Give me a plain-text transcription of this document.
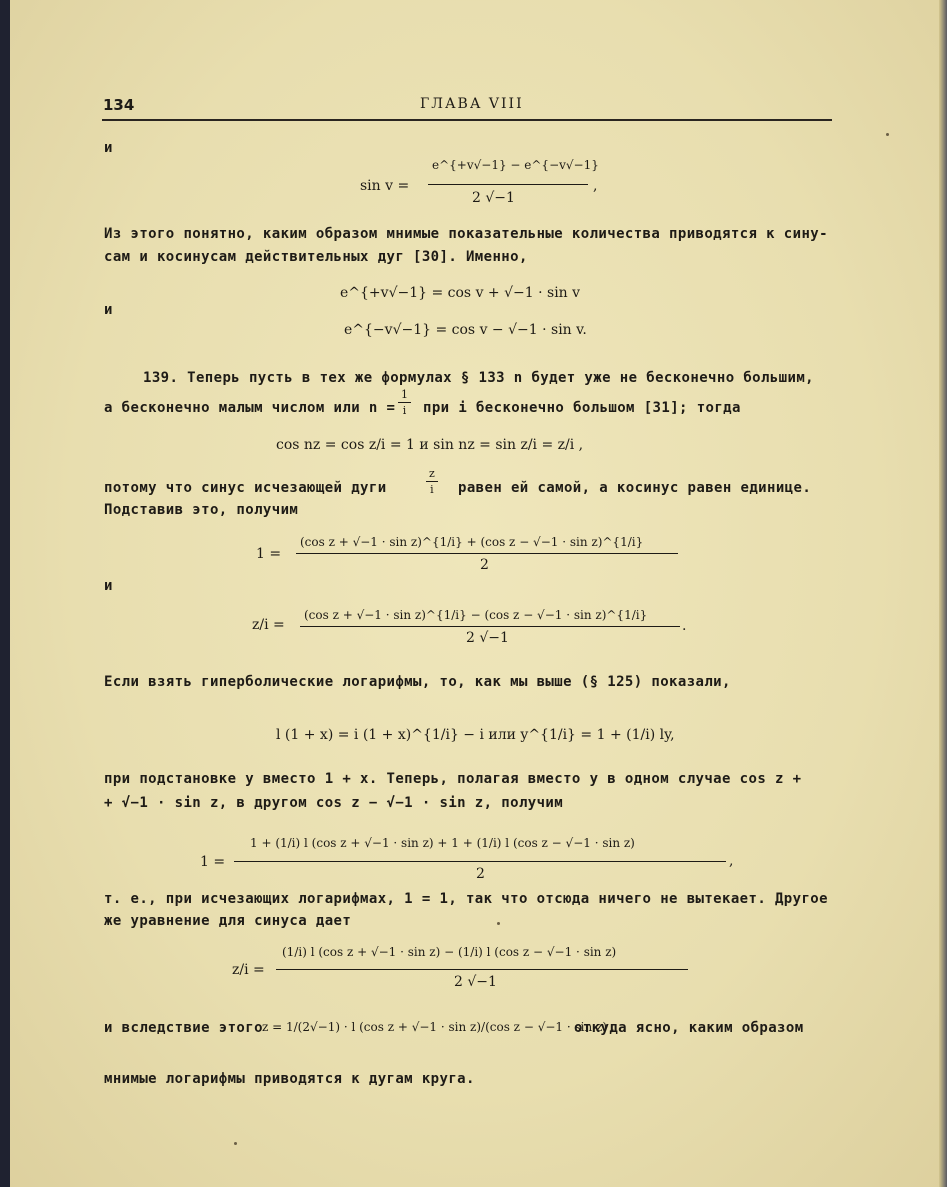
134	ГЛАВА VIII
и
sin v =
e^{+v√−1} − e^{−v√−1}
2 √−1
,
Из этого понятно, каким образом мнимые показательные количества приводятся к сину-
сам и косинусам действительных дуг [30]. Именно,
e^{+v√−1} = cos v + √−1 · sin v
и
e^{−v√−1} = cos v − √−1 · sin v.
139. Теперь пусть в тех же формулах § 133 n будет уже не бесконечно большим,
а бесконечно малым числом или $n = \frac{1}{i}$ при i бесконечно большом [31]; тогда
cos nz = cos z/i = 1 и sin nz = sin z/i = z/i ,
потому что синус исчезающей дуги	$\frac{z}{i}$ равен ей самой, а косинус равен единице.
Подставив это, получим
1 =
(cos z + √−1 · sin z)^{1/i} + (cos z − √−1 · sin z)^{1/i}
2
и
z/i =
(cos z + √−1 · sin z)^{1/i} − (cos z − √−1 · sin z)^{1/i}
2 √−1
.
Если взять гиперболические логарифмы, то, как мы выше (§ 125) показали,
l (1 + x) = i (1 + x)^{1/i} − i или y^{1/i} = 1 + (1/i) ly,
при подстановке y вместо 1 + x. Теперь, полагая вместо y в одном случае cos z +
+ √−1 · sin z, в другом cos z − √−1 · sin z, получим
1 =
1 + (1/i) l (cos z + √−1 · sin z) + 1 + (1/i) l (cos z − √−1 · sin z)
2
,
т. е., при исчезающих логарифмах, 1 = 1, так что отсюда ничего не вытекает. Другое
же уравнение для синуса дает
z/i =
(1/i) l (cos z + √−1 · sin z) − (1/i) l (cos z − √−1 · sin z)
2 √−1
и вследствие этого z = 1/(2√−1) · l (cos z + √−1 · sin z)/(cos z − √−1 · sin z) ,
откуда ясно, каким образом
мнимые логарифмы приводятся к дугам круга.
